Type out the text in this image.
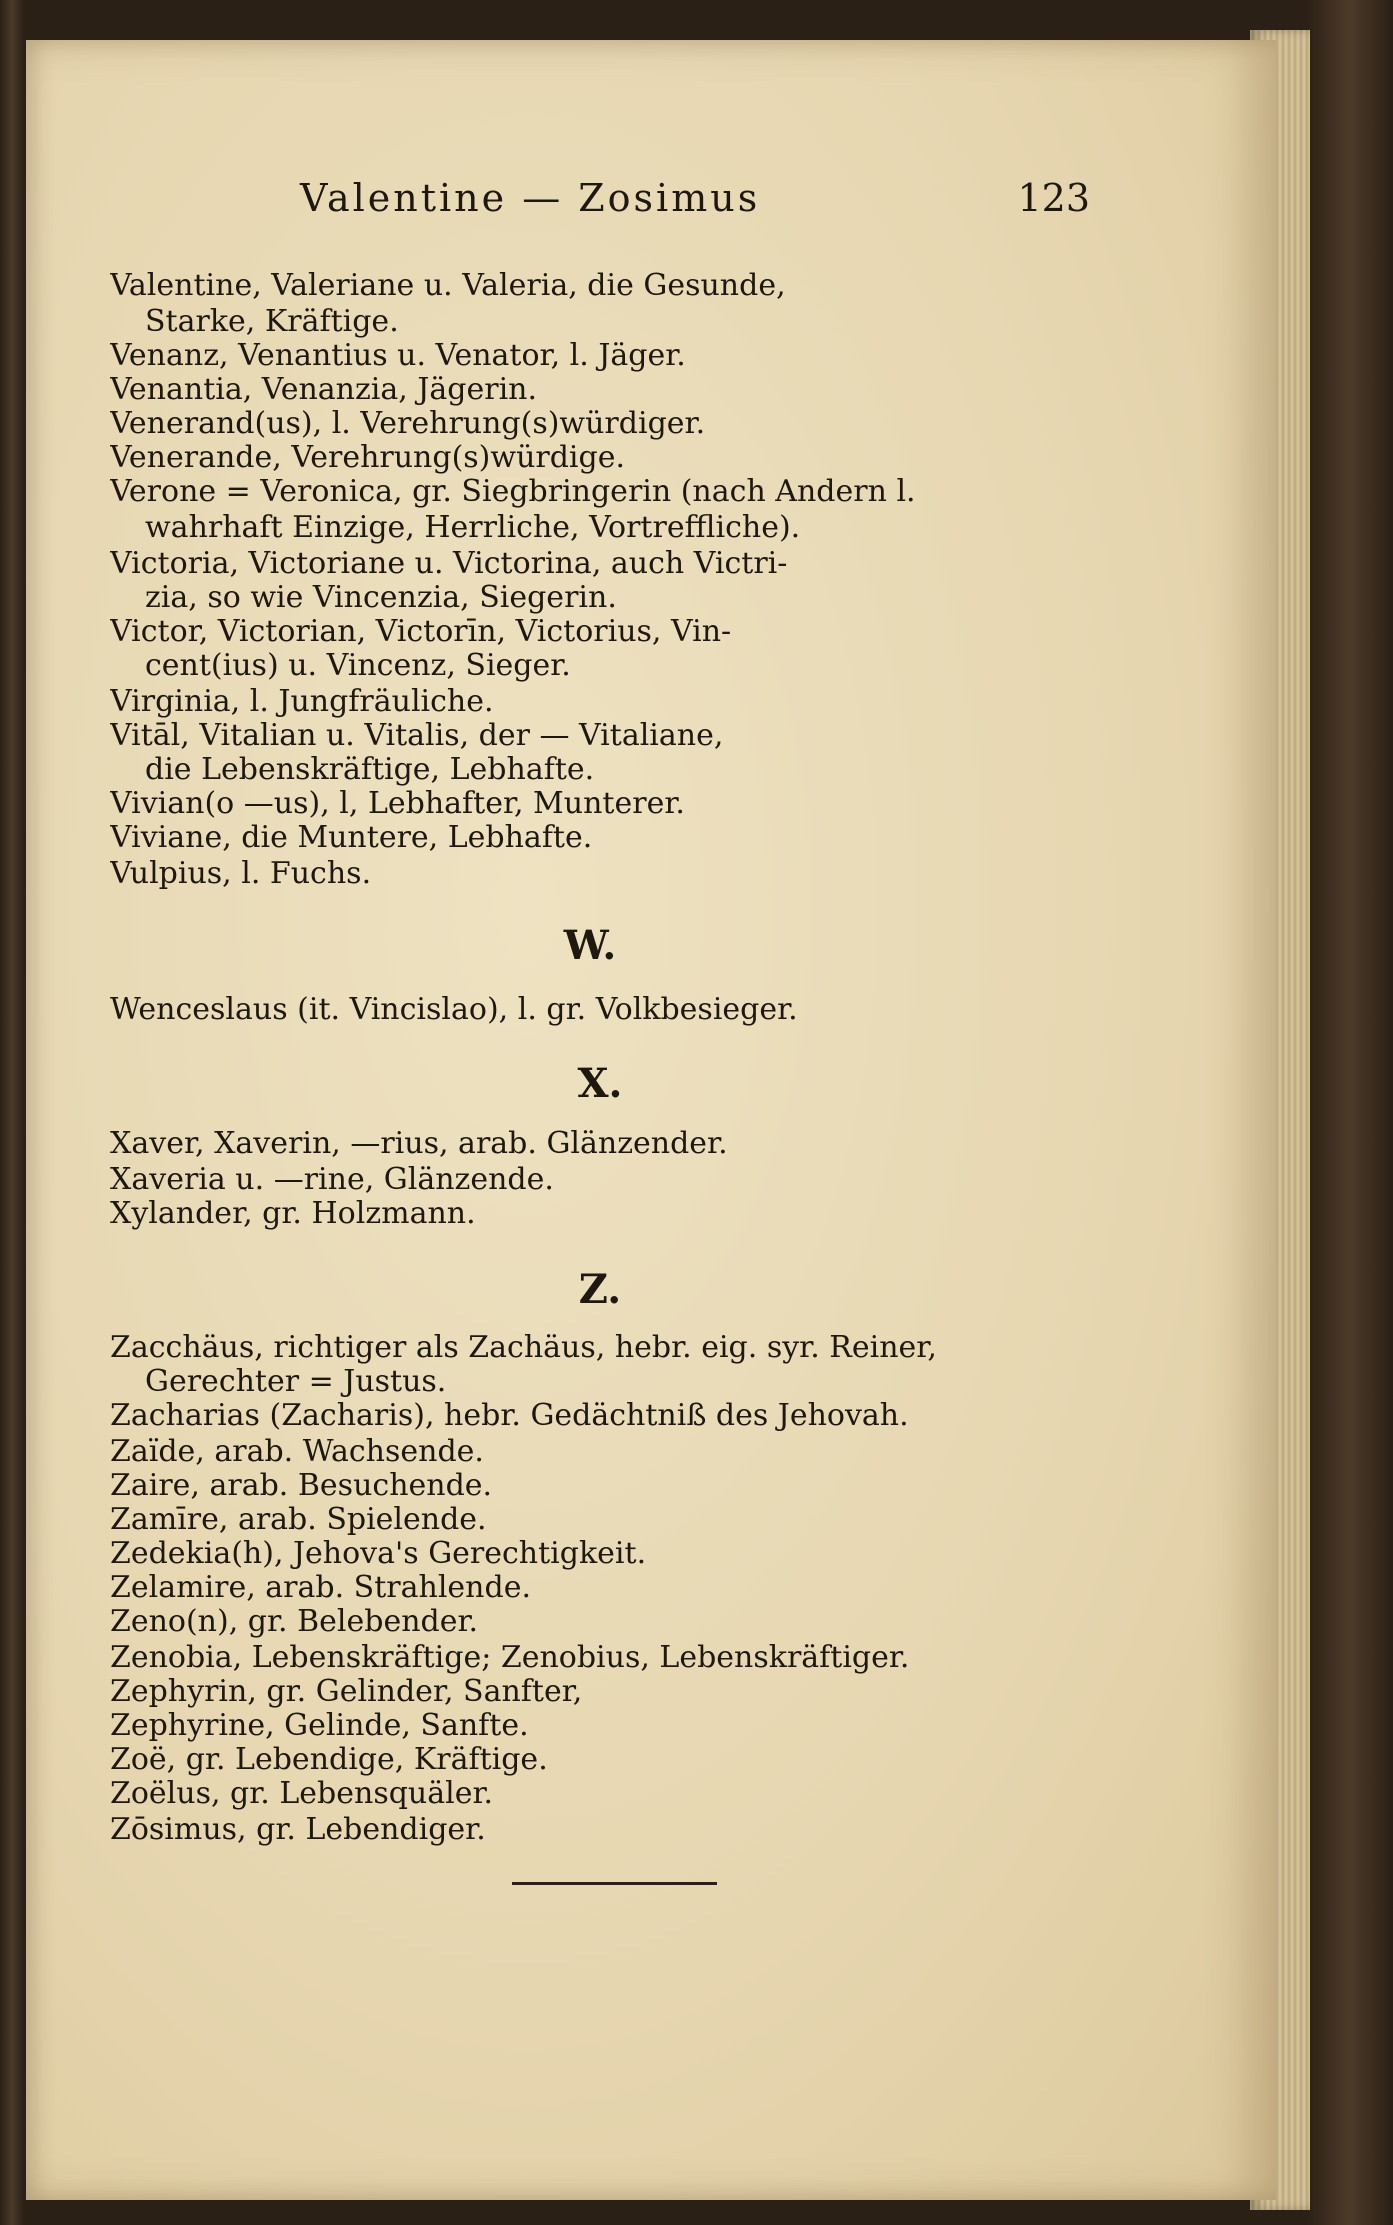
Valentine — Zosimus	123
Valentine, Valeriane u. Valeria, die Gesunde,
Starke, Kräftige.
Venanz, Venantius u. Venator, l. Jäger.
Venantia, Venanzia, Jägerin.
Venerand(us), l. Verehrung(s)würdiger.
Venerande, Verehrung(s)würdige.
Verone = Veronica, gr. Siegbringerin (nach Andern l.
wahrhaft Einzige, Herrliche, Vortreffliche).
Victoria, Victoriane u. Victorina, auch Victri-
zia, so wie Vincenzia, Siegerin.
Victor, Victorian, Victorīn, Victorius, Vin-
cent(ius) u. Vincenz, Sieger.
Virginia, l. Jungfräuliche.
Vitāl, Vitalian u. Vitalis, der — Vitaliane,
die Lebenskräftige, Lebhafte.
Vivian(o —us), l, Lebhafter, Munterer.
Viviane, die Muntere, Lebhafte.
Vulpius, l. Fuchs.
W.
Wenceslaus (it. Vincislao), l. gr. Volkbesieger.
X.
Xaver, Xaverin, —rius, arab. Glänzender.
Xaveria u. —rine, Glänzende.
Xylander, gr. Holzmann.
Z.
Zacchäus, richtiger als Zachäus, hebr. eig. syr. Reiner,
Gerechter = Justus.
Zacharias (Zacharis), hebr. Gedächtniß des Jehovah.
Zaïde, arab. Wachsende.
Zaire, arab. Besuchende.
Zamīre, arab. Spielende.
Zedekia(h), Jehova's Gerechtigkeit.
Zelamire, arab. Strahlende.
Zeno(n), gr. Belebender.
Zenobia, Lebenskräftige; Zenobius, Lebenskräftiger.
Zephyrin, gr. Gelinder, Sanfter,
Zephyrine, Gelinde, Sanfte.
Zoë, gr. Lebendige, Kräftige.
Zoëlus, gr. Lebensquäler.
Zōsimus, gr. Lebendiger.
